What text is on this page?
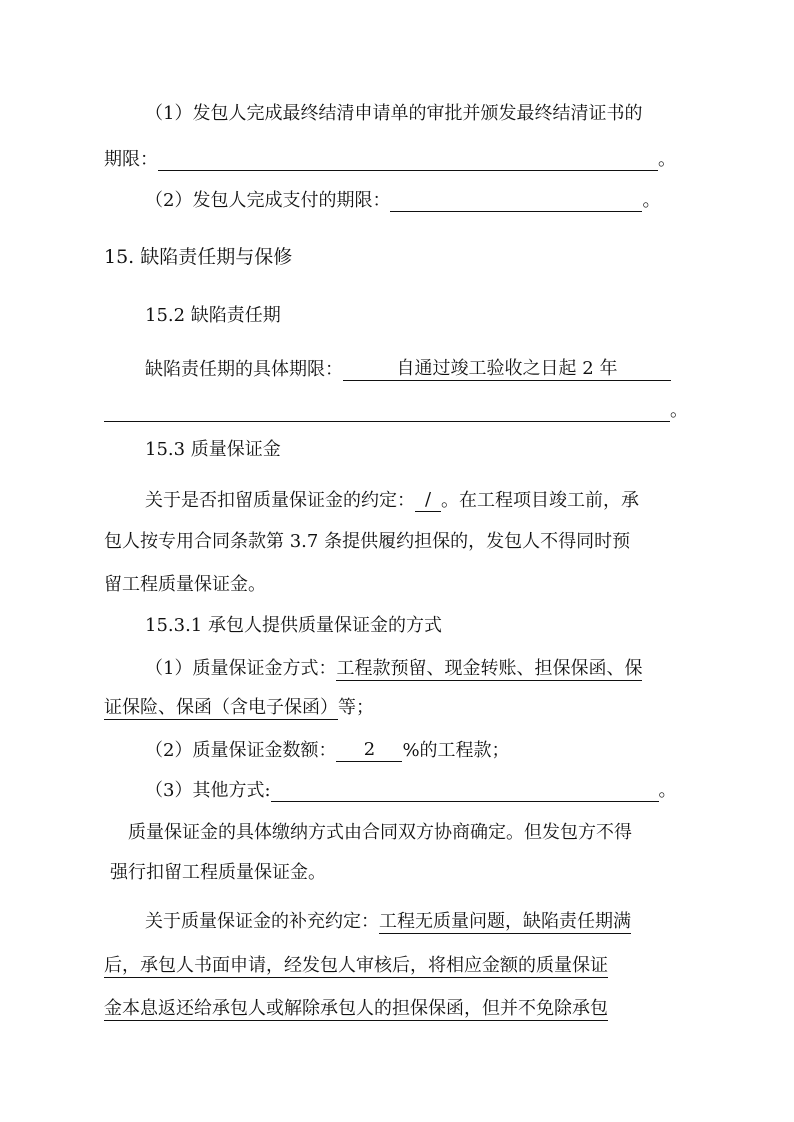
（1）发包人完成最终结清申请单的审批并颁发最终结清证书的
期限：	。
（2）发包人完成支付的期限：	。
15. 缺陷责任期与保修
15.2 缺陷责任期
缺陷责任期的具体期限：	自通过竣工验收之日起 2 年
。
15.3 质量保证金
关于是否扣留质量保证金的约定： / 。在工程项目竣工前，承
包人按专用合同条款第 3.7 条提供履约担保的，发包人不得同时预
留工程质量保证金。
15.3.1 承包人提供质量保证金的方式
（1）质量保证金方式：工程款预留、现金转账、担保保函、保
证保险、保函（含电子保函）等；
（2）质量保证金数额： 2 %的工程款；
（3）其他方式:	。
质量保证金的具体缴纳方式由合同双方协商确定。但发包方不得
强行扣留工程质量保证金。
关于质量保证金的补充约定：工程无质量问题，缺陷责任期满
后，承包人书面申请，经发包人审核后，将相应金额的质量保证
金本息返还给承包人或解除承包人的担保保函，但并不免除承包
